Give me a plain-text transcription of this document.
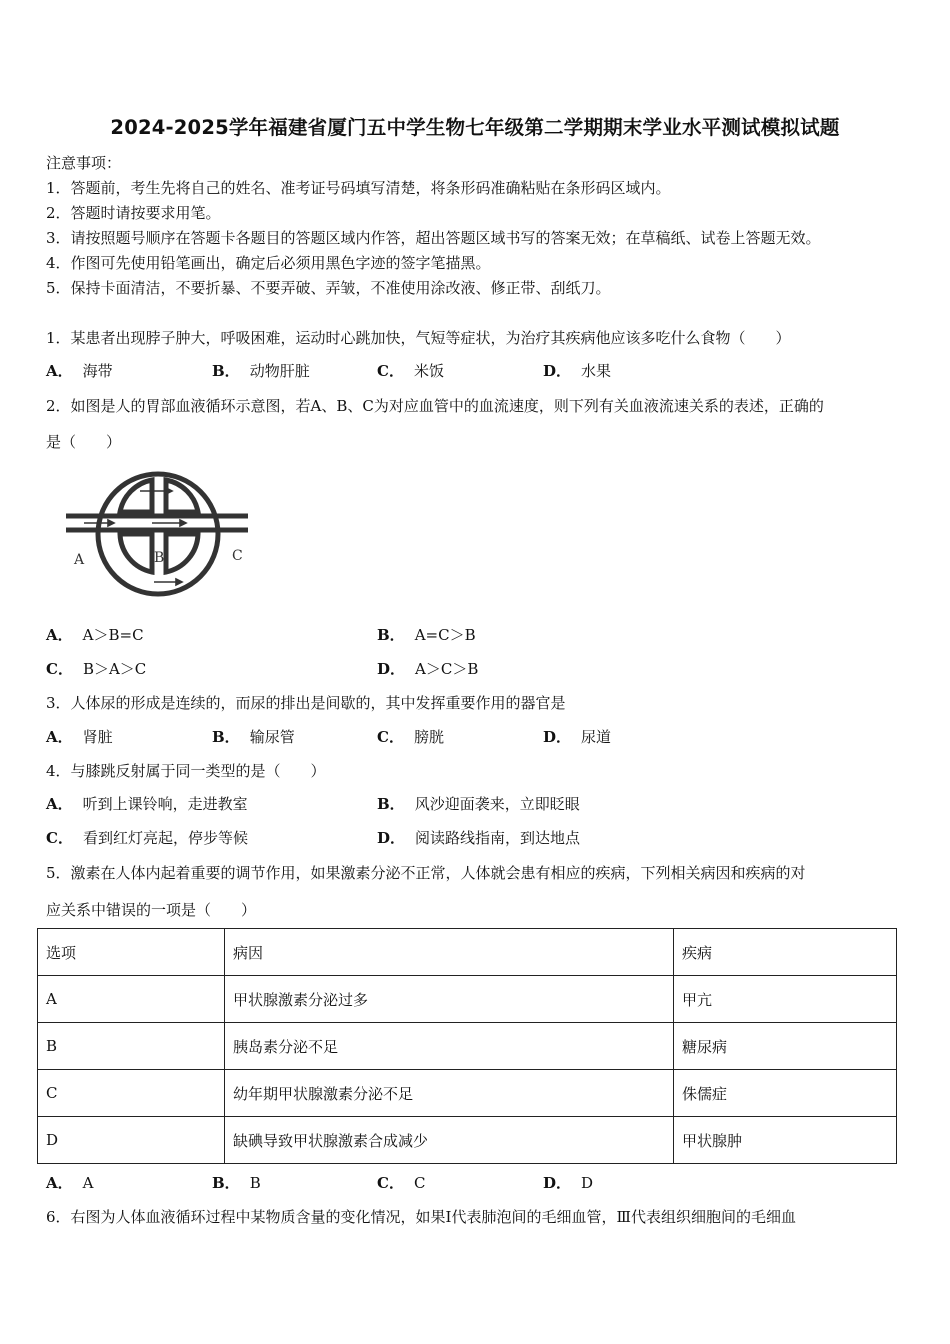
2024-2025学年福建省厦门五中学生物七年级第二学期期末学业水平测试模拟试题
注意事项：
1．答题前，考生先将自己的姓名、准考证号码填写清楚，将条形码准确粘贴在条形码区域内。
2．答题时请按要求用笔。
3．请按照题号顺序在答题卡各题目的答题区域内作答，超出答题区域书写的答案无效；在草稿纸、试卷上答题无效。
4．作图可先使用铅笔画出，确定后必须用黑色字迹的签字笔描黑。
5．保持卡面清洁，不要折暴、不要弄破、弄皱，不准使用涂改液、修正带、刮纸刀。
1．某患者出现脖子肿大，呼吸困难，运动时心跳加快，气短等症状，为治疗其疾病他应该多吃什么食物（　　）
A． 海带	B． 动物肝脏	C． 米饭	D． 水果
2．如图是人的胃部血液循环示意图，若A、B、C为对应血管中的血流速度，则下列有关血液流速关系的表述，正确的
是（　　）
A	B	C
A． A＞B=C	B． A=C＞B
C． B＞A＞C	D． A＞C＞B
3．人体尿的形成是连续的，而尿的排出是间歇的，其中发挥重要作用的器官是
A． 肾脏	B． 输尿管	C． 膀胱	D． 尿道
4．与膝跳反射属于同一类型的是（　　）
A． 听到上课铃响，走进教室	B． 风沙迎面袭来，立即眨眼
C． 看到红灯亮起，停步等候	D． 阅读路线指南，到达地点
5．激素在人体内起着重要的调节作用，如果激素分泌不正常，人体就会患有相应的疾病，下列相关病因和疾病的对
应关系中错误的一项是（　　）
选项	病因	疾病
A	甲状腺激素分泌过多	甲亢
B	胰岛素分泌不足	糖尿病
C	幼年期甲状腺激素分泌不足	侏儒症
D	缺碘导致甲状腺激素合成减少	甲状腺肿
A． A	B． B	C． C	D． D
6．右图为人体血液循环过程中某物质含量的变化情况，如果Ⅰ代表肺泡间的毛细血管，Ⅲ代表组织细胞间的毛细血
